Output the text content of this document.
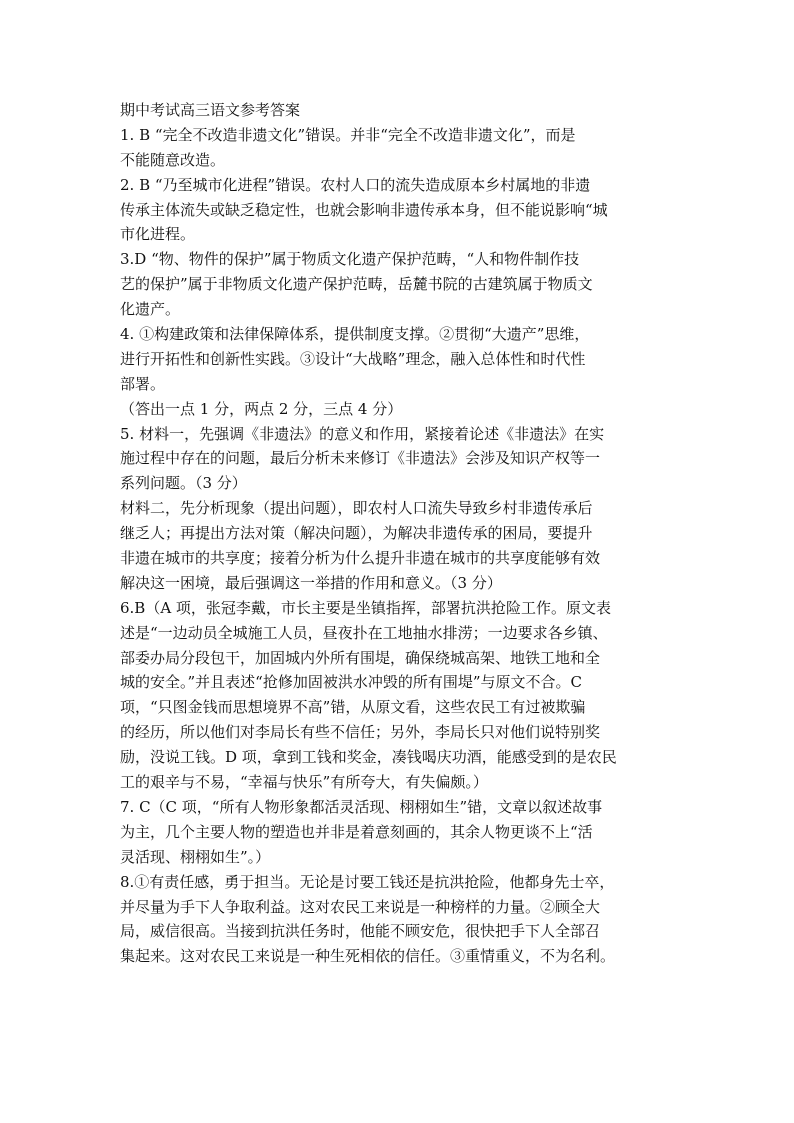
期中考试高三语文参考答案
1. B “完全不改造非遗文化”错误。并非“完全不改造非遗文化”，而是
不能随意改造。
2. B “乃至城市化进程”错误。农村人口的流失造成原本乡村属地的非遗
传承主体流失或缺乏稳定性，也就会影响非遗传承本身，但不能说影响“城
市化进程。
3.D “物、物件的保护”属于物质文化遗产保护范畴，“人和物件制作技
艺的保护”属于非物质文化遗产保护范畴，岳麓书院的古建筑属于物质文
化遗产。
4. ①构建政策和法律保障体系，提供制度支撑。②贯彻“大遗产”思维，
进行开拓性和创新性实践。③设计“大战略”理念，融入总体性和时代性
部署。
（答出一点 1 分，两点 2 分，三点 4 分）
5. 材料一，先强调《非遗法》的意义和作用，紧接着论述《非遗法》在实
施过程中存在的问题，最后分析未来修订《非遗法》会涉及知识产权等一
系列问题。（3 分）
材料二，先分析现象（提出问题），即农村人口流失导致乡村非遗传承后
继乏人；再提出方法对策（解决问题），为解决非遗传承的困局，要提升
非遗在城市的共享度；接着分析为什么提升非遗在城市的共享度能够有效
解决这一困境，最后强调这一举措的作用和意义。（3 分）
6.B（A 项，张冠李戴，市长主要是坐镇指挥，部署抗洪抢险工作。原文表
述是“一边动员全城施工人员，昼夜扑在工地抽水排涝；一边要求各乡镇、
部委办局分段包干，加固城内外所有围堤，确保绕城高架、地铁工地和全
城的安全。”并且表述“抢修加固被洪水冲毁的所有围堤”与原文不合。C
项，“只图金钱而思想境界不高”错，从原文看，这些农民工有过被欺骗
的经历，所以他们对李局长有些不信任；另外，李局长只对他们说特别奖
励，没说工钱。D 项，拿到工钱和奖金，凑钱喝庆功酒，能感受到的是农民
工的艰辛与不易，“幸福与快乐”有所夸大，有失偏颇。）
7. C（C 项，“所有人物形象都活灵活现、栩栩如生”错，文章以叙述故事
为主，几个主要人物的塑造也并非是着意刻画的，其余人物更谈不上“活
灵活现、栩栩如生”。）
8.①有责任感，勇于担当。无论是讨要工钱还是抗洪抢险，他都身先士卒，
并尽量为手下人争取利益。这对农民工来说是一种榜样的力量。②顾全大
局，威信很高。当接到抗洪任务时，他能不顾安危，很快把手下人全部召
集起来。这对农民工来说是一种生死相依的信任。③重情重义，不为名利。
